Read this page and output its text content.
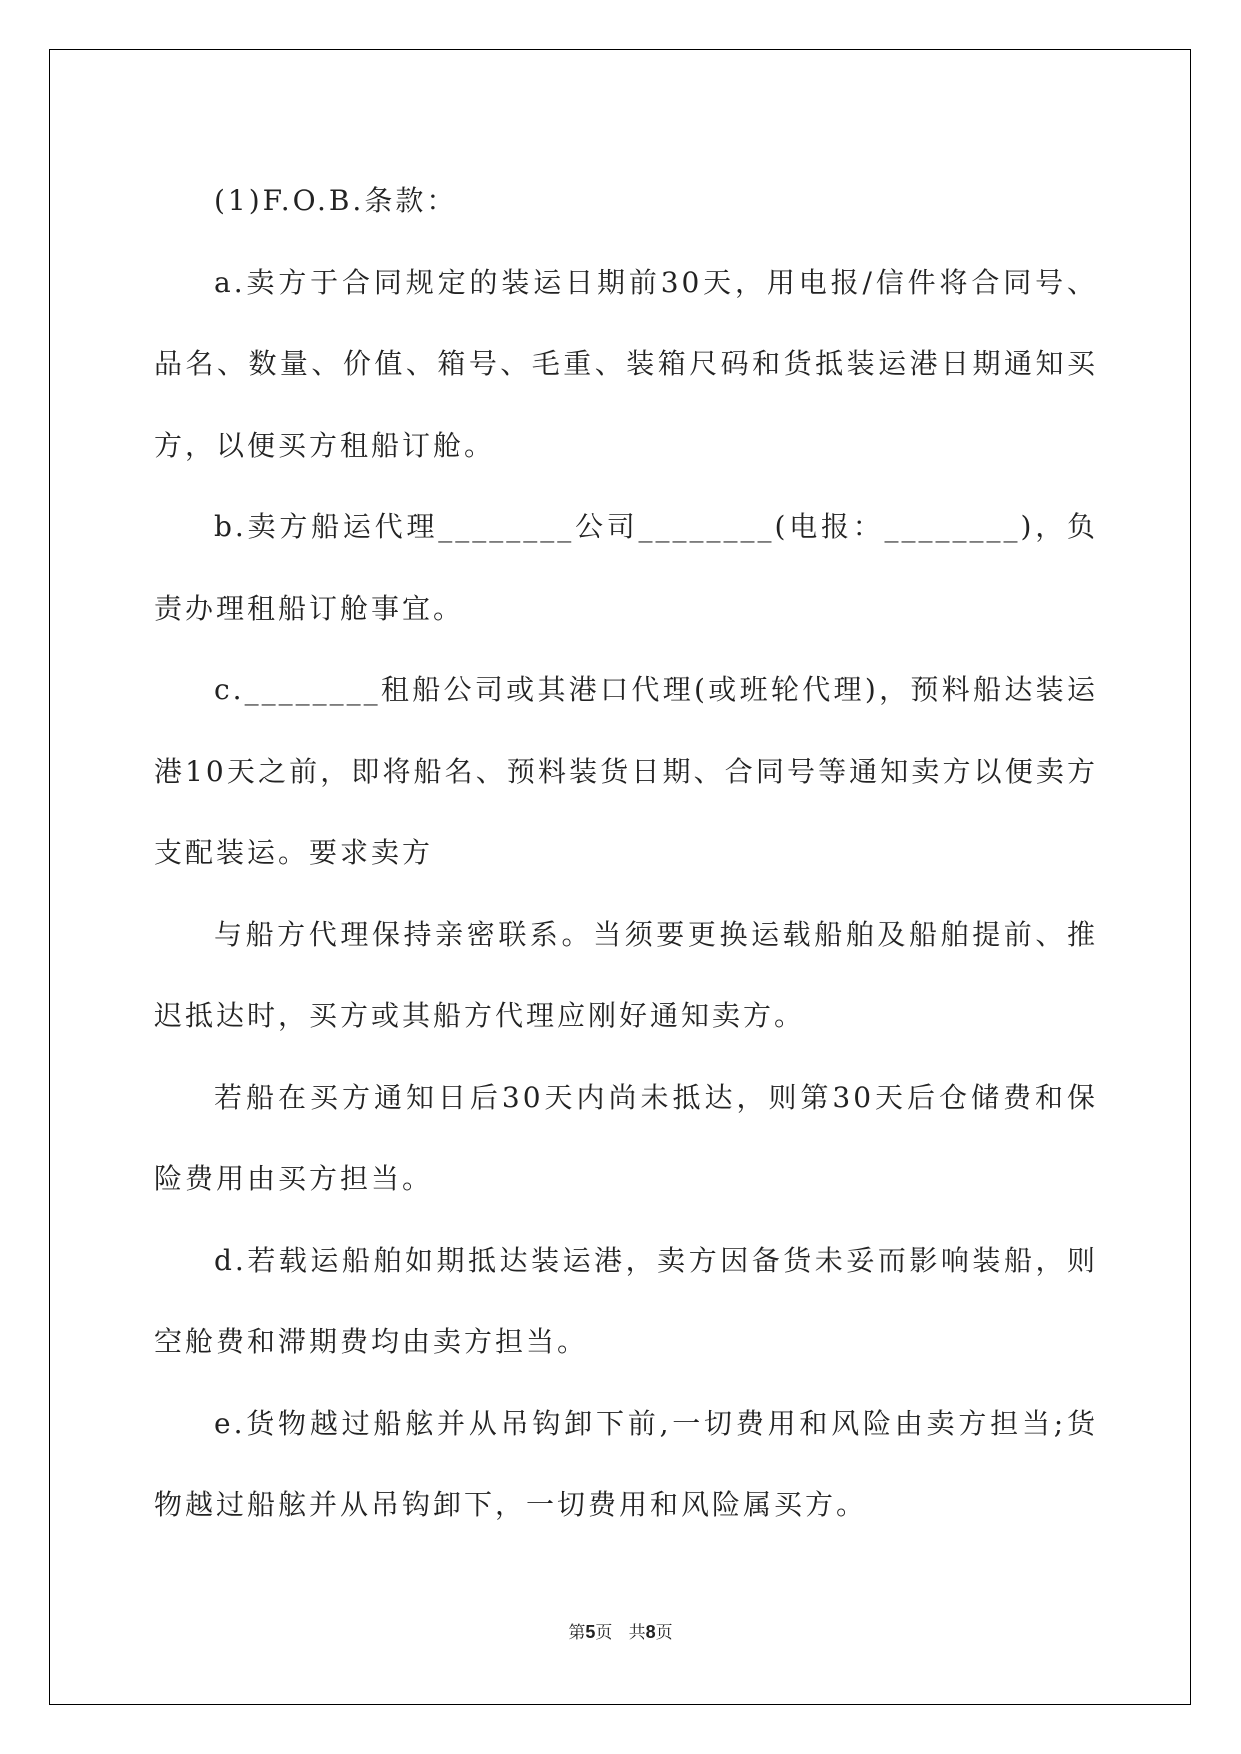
(1)F.O.B.条款：

a.卖方于合同规定的装运日期前30天，用电报/信件将合同号、品名、数量、价值、箱号、毛重、装箱尺码和货抵装运港日期通知买方，以便买方租船订舱。

b.卖方船运代理________公司________(电报：________)，负责办理租船订舱事宜。

c.________租船公司或其港口代理(或班轮代理)，预料船达装运港10天之前，即将船名、预料装货日期、合同号等通知卖方以便卖方支配装运。要求卖方

与船方代理保持亲密联系。当须要更换运载船舶及船舶提前、推迟抵达时，买方或其船方代理应刚好通知卖方。

若船在买方通知日后30天内尚未抵达，则第30天后仓储费和保险费用由买方担当。

d.若载运船舶如期抵达装运港，卖方因备货未妥而影响装船，则空舱费和滞期费均由卖方担当。

e.货物越过船舷并从吊钩卸下前,一切费用和风险由卖方担当;货物越过船舷并从吊钩卸下，一切费用和风险属买方。

第5页 共8页
